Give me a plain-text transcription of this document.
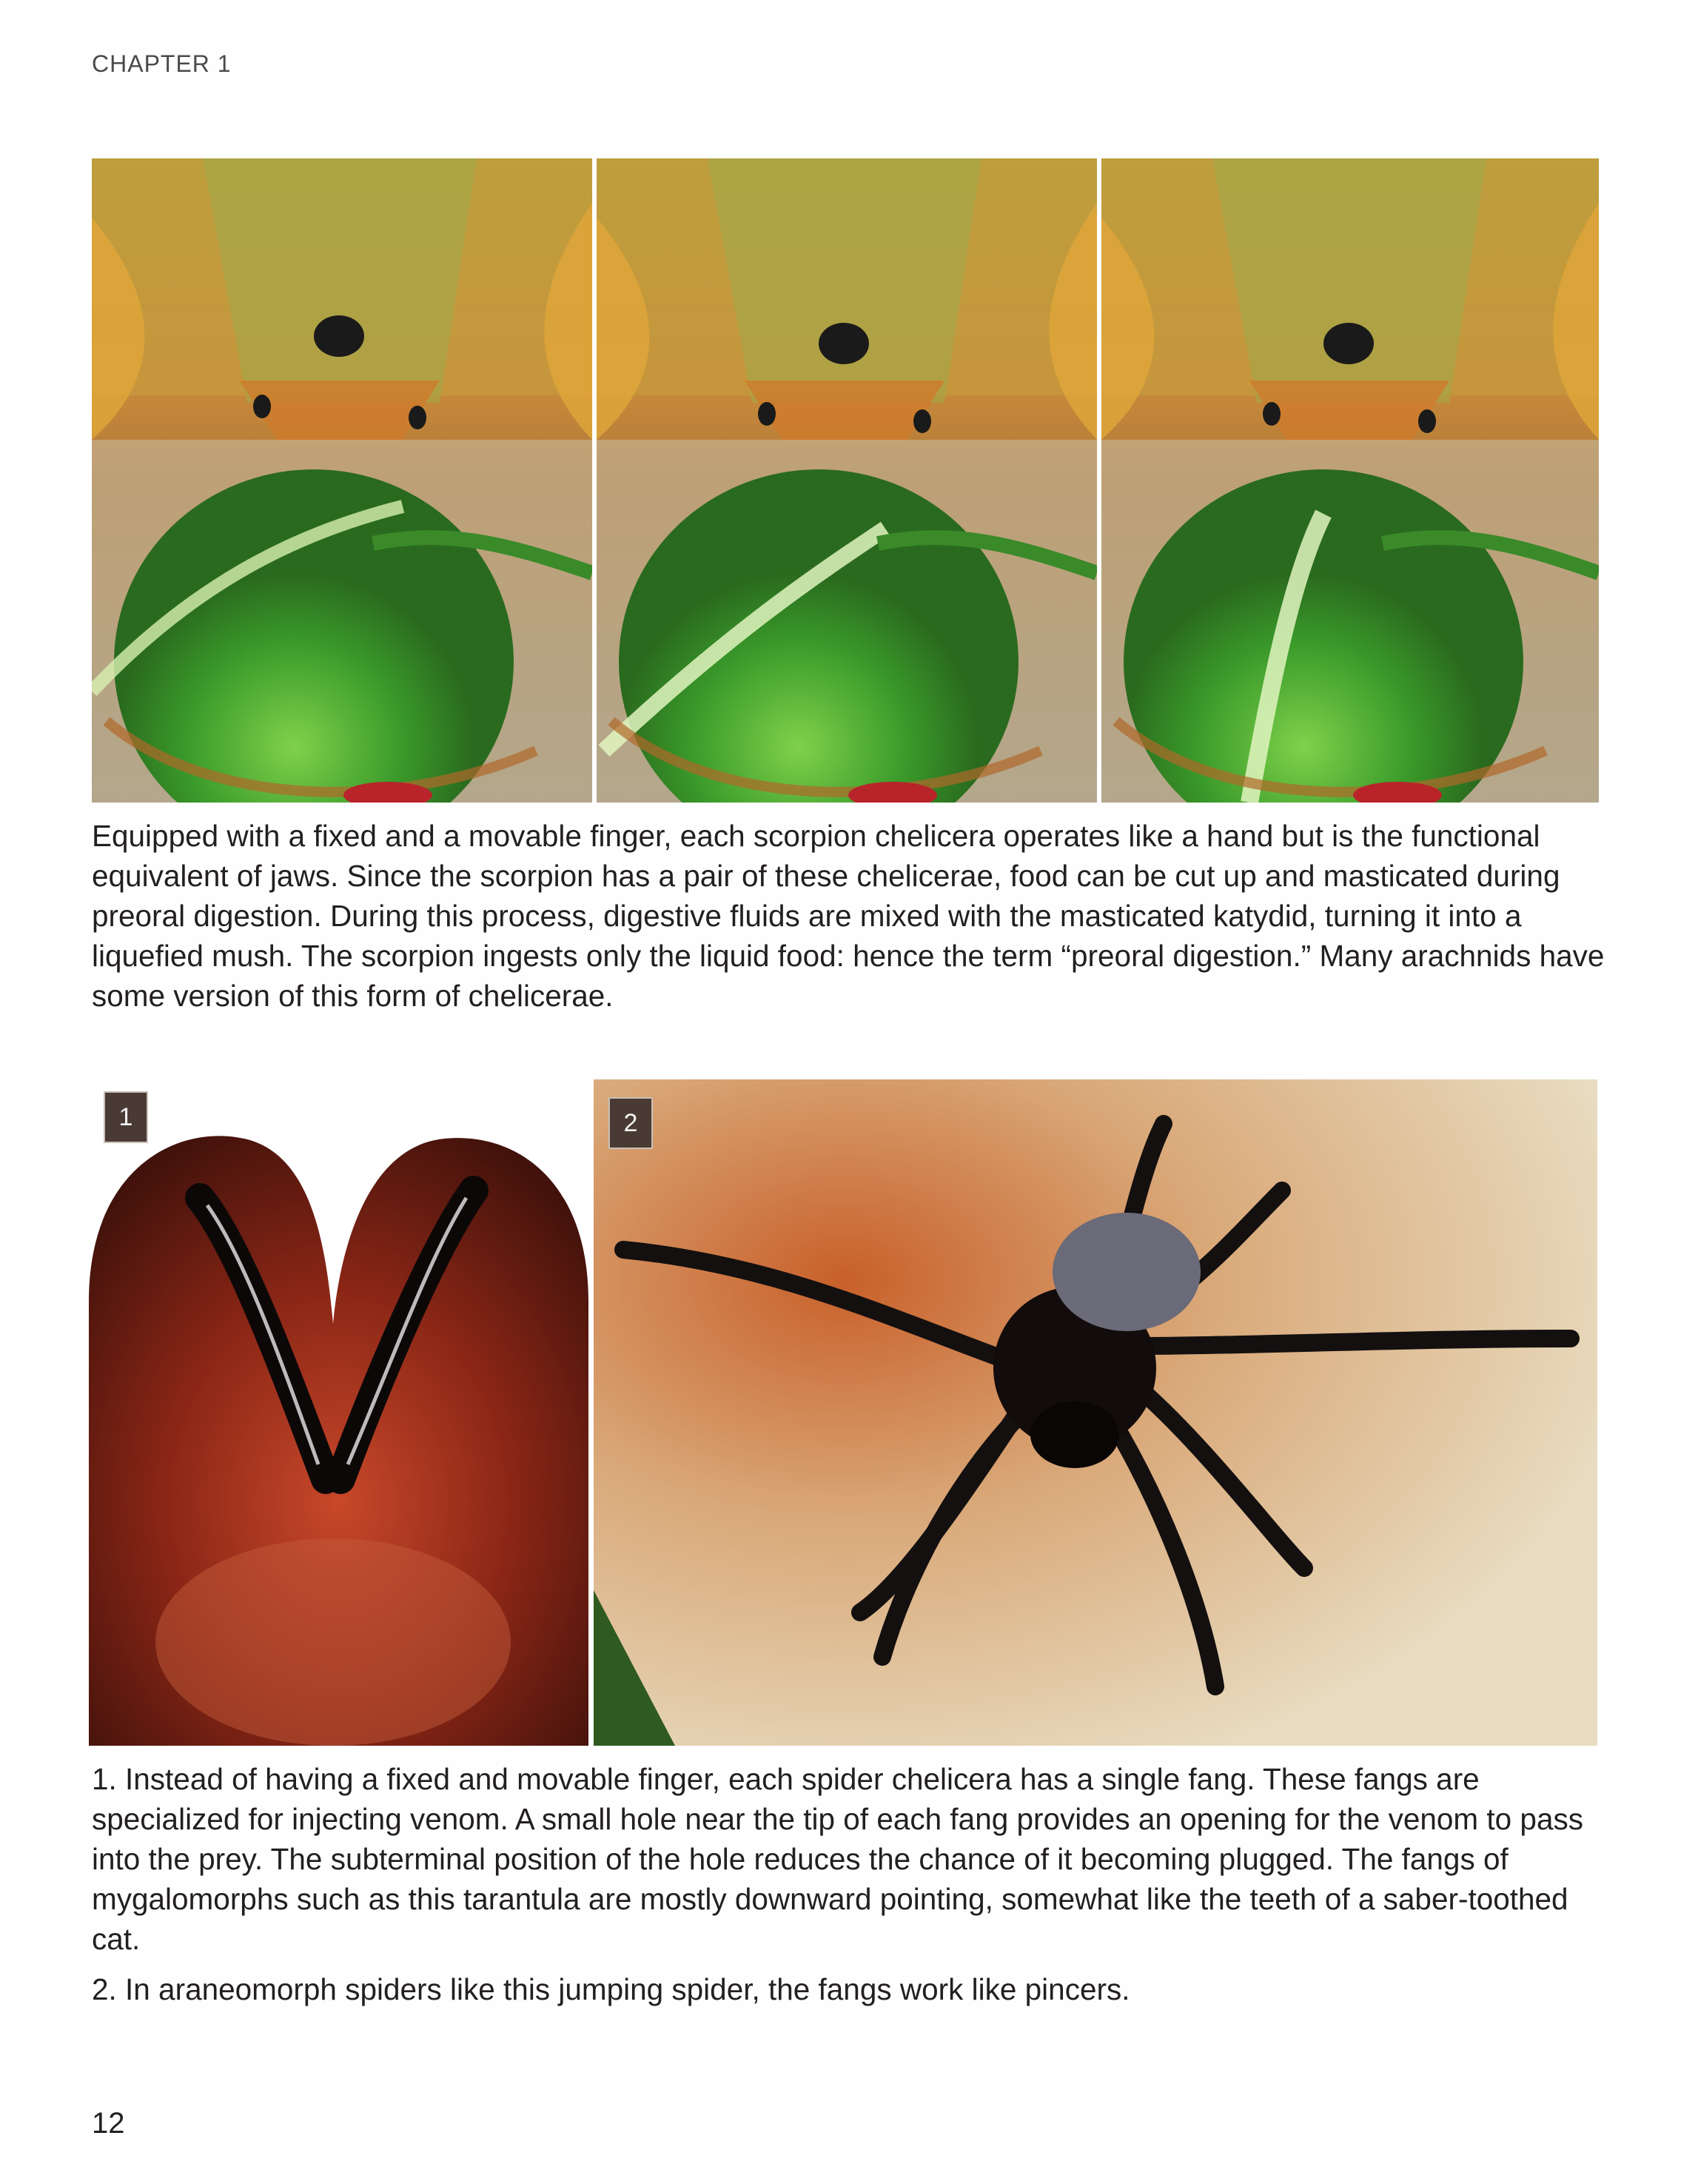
CHAPTER 1

Equipped with a fixed and a movable finger, each scorpion chelicera operates like a hand but is the functional equivalent of jaws. Since the scorpion has a pair of these chelicerae, food can be cut up and masticated during preoral digestion. During this process, digestive fluids are mixed with the masticated katydid, turning it into a liquefied mush. The scorpion ingests only the liquid food: hence the term “preoral digestion.” Many arachnids have some version of this form of chelicerae.

1	2

1. Instead of having a fixed and movable finger, each spider chelicera has a single fang. These fangs are specialized for injecting venom. A small hole near the tip of each fang provides an opening for the venom to pass into the prey. The subterminal position of the hole reduces the chance of it becoming plugged. The fangs of mygalomorphs such as this tarantula are mostly downward pointing, somewhat like the teeth of a saber-toothed cat.

2. In araneomorph spiders like this jumping spider, the fangs work like pincers.

12
